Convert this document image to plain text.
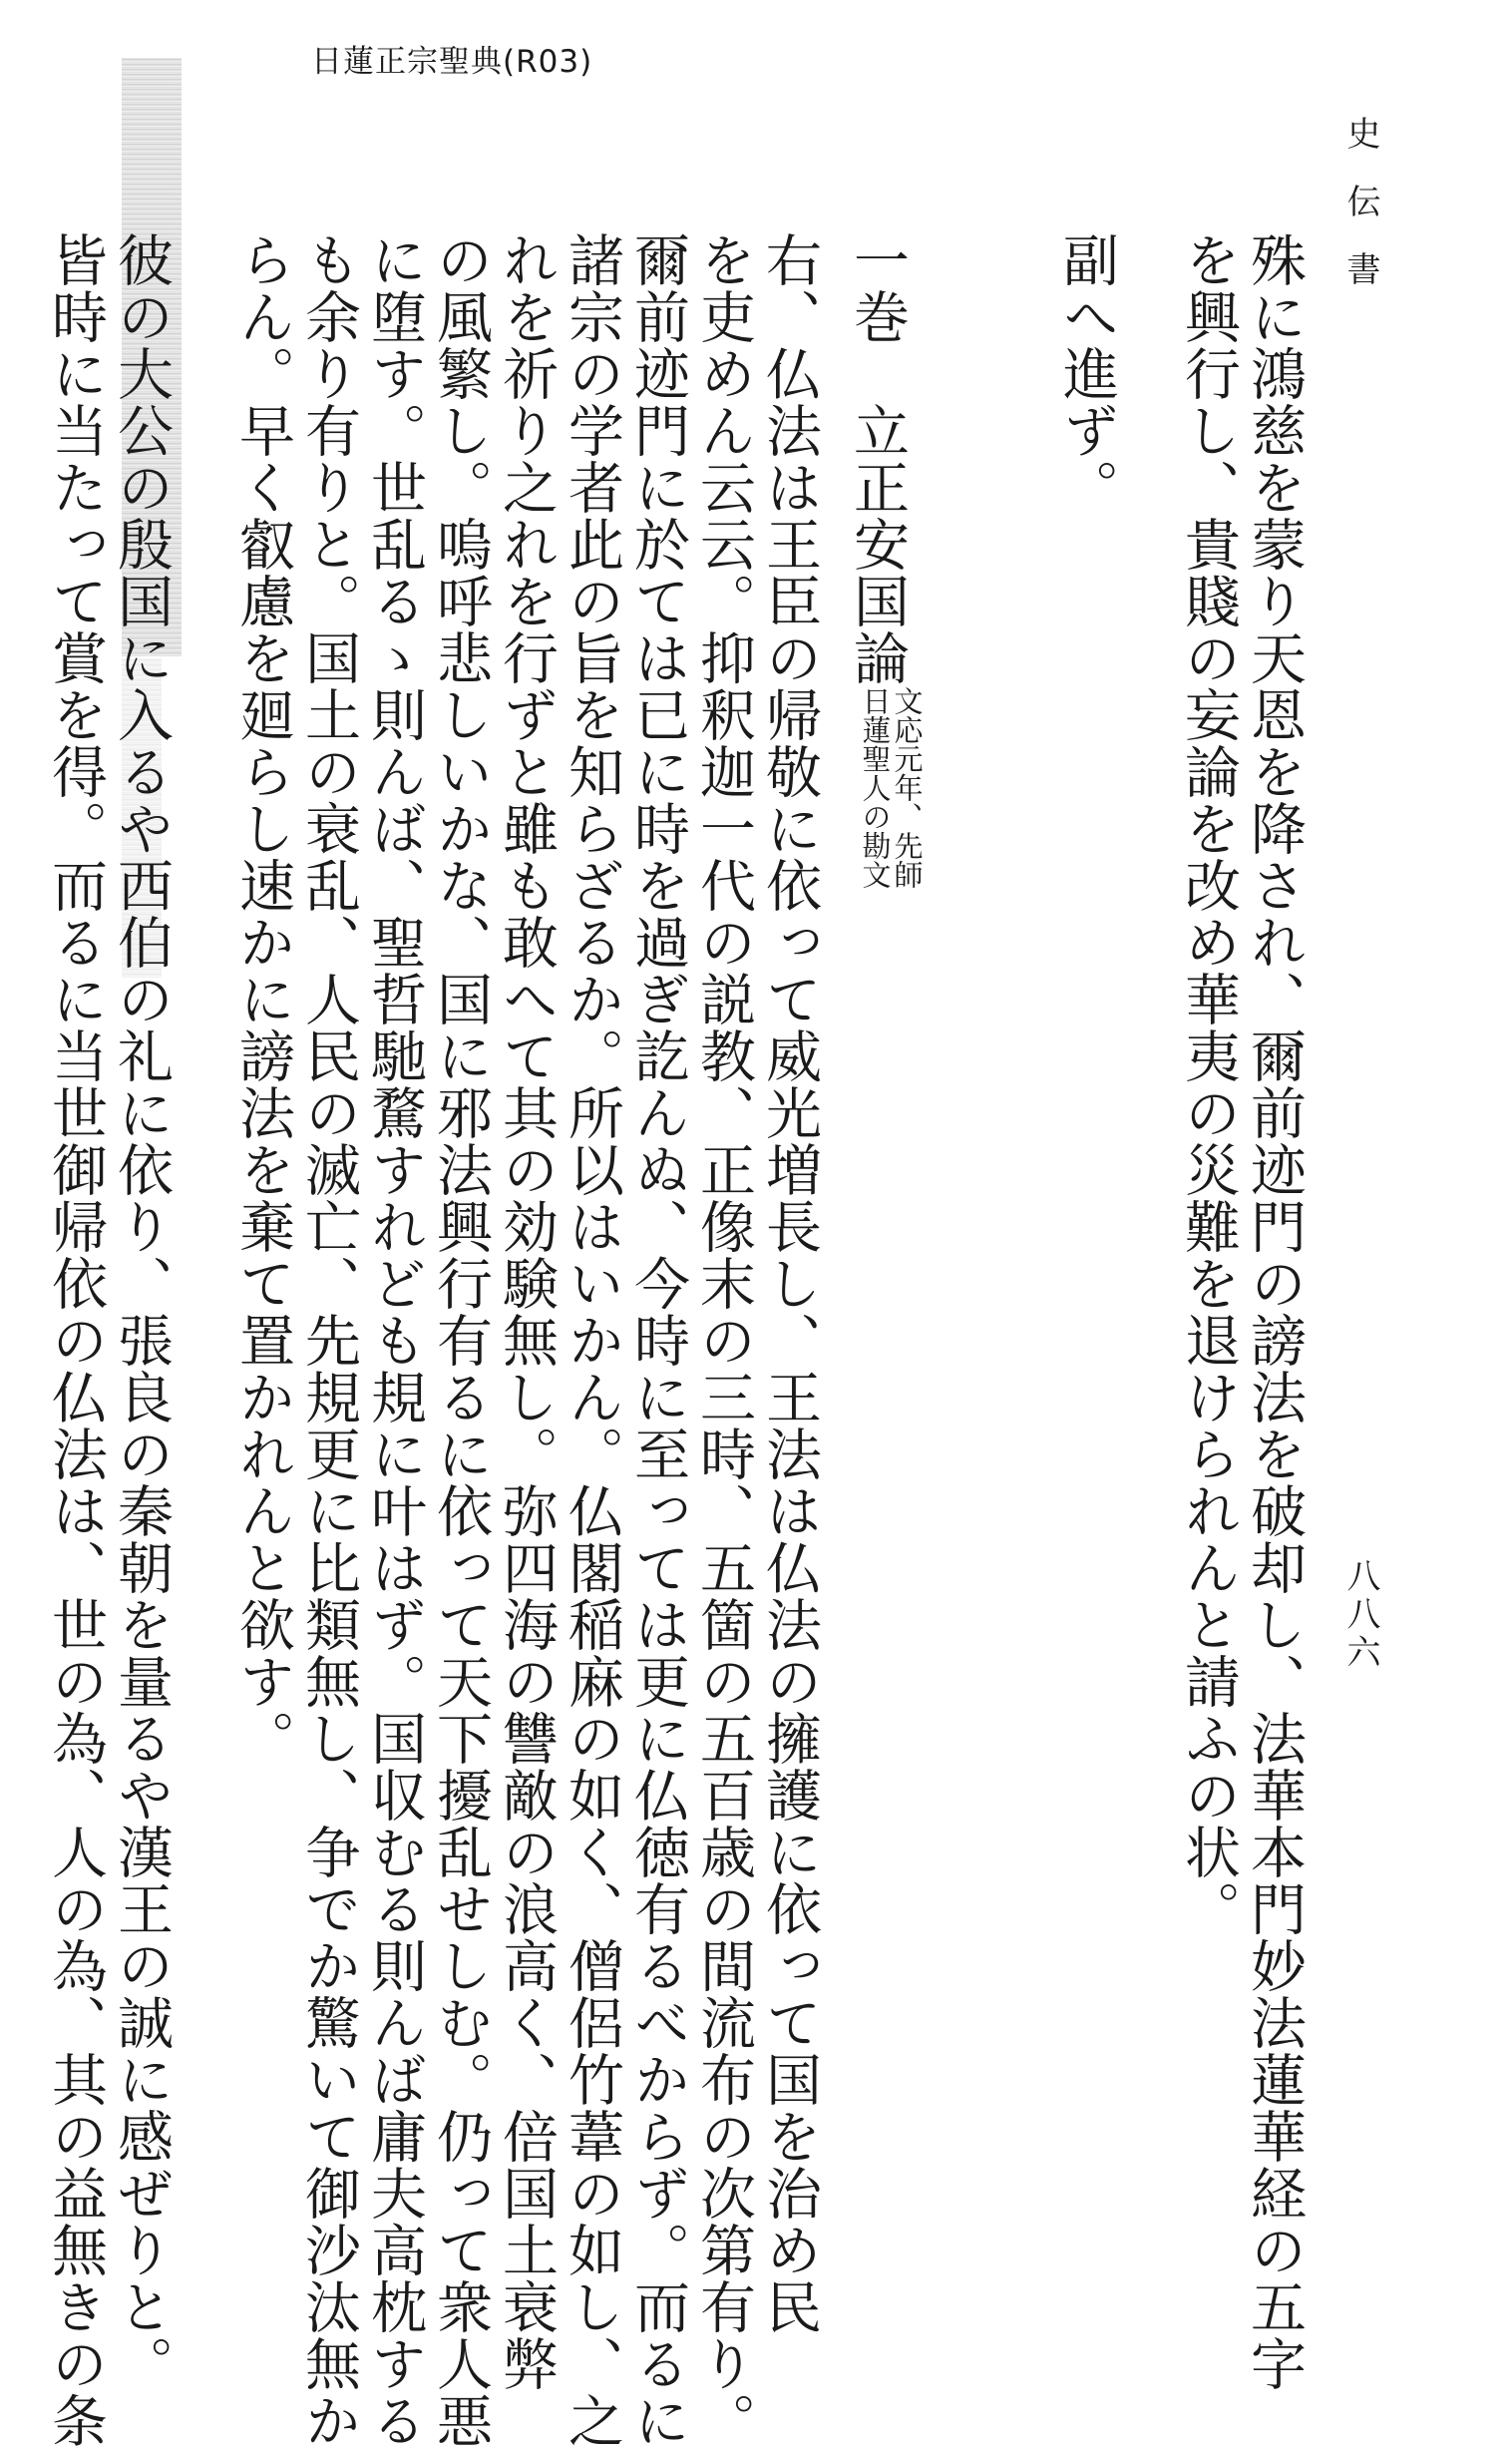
日蓮正宗聖典(R03)
史伝書
八八六
殊に鴻慈を蒙り天恩を降され、爾前迹門の謗法を破却し、法華本門妙法蓮華経の五字
を興行し、貴賤の妄論を改め華夷の災難を退けられんと請ふの状。
副へ進ず。
一巻　立正安国論
文応元年、先師
日蓮聖人の勘文
右、仏法は王臣の帰敬に依って威光増長し、王法は仏法の擁護に依って国を治め民
を吏めん云云。抑釈迦一代の説教、正像末の三時、五箇の五百歳の間流布の次第有り。
爾前迹門に於ては已に時を過ぎ訖んぬ、今時に至っては更に仏徳有るべからず。而るに
諸宗の学者此の旨を知らざるか。所以はいかん。仏閣稲麻の如く、僧侶竹葦の如し、之
れを祈り之れを行ずと雖も敢へて其の効験無し。弥四海の讐敵の浪高く、倍国土衰弊
の風繁し。嗚呼悲しいかな、国に邪法興行有るに依って天下擾乱せしむ。仍って衆人悪
に堕す。世乱るゝ則んば、聖哲馳騖すれども規に叶はず。国収むる則んば庸夫高枕する
も余り有りと。国土の衰乱、人民の滅亡、先規更に比類無し、争でか驚いて御沙汰無か
らん。早く叡慮を廻らし速かに謗法を棄て置かれんと欲す。
彼の大公の殷国に入るや西伯の礼に依り、張良の秦朝を量るや漢王の誠に感ぜりと。
皆時に当たって賞を得。而るに当世御帰依の仏法は、世の為、人の為、其の益無きの条
